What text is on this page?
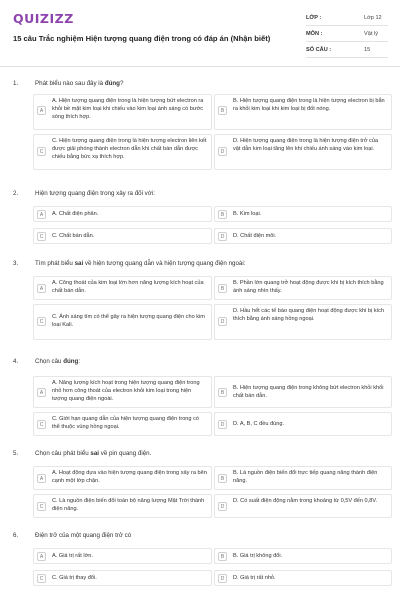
QUIZIZZ
15 câu Trắc nghiệm Hiện tượng quang điện trong có đáp án (Nhận biết)
LỚP :	Lớp 12
MÔN :	Vật lý
SỐ CÂU :	15
1.	Phát biểu nào sau đây là đúng?
A
A. Hiện tượng quang điện trong là hiện tượng bứt electron ra khỏi bề mặt kim loại khi chiếu vào kim loại ánh sáng có bước sóng thích hợp.
B
B. Hiện tượng quang điện trong là hiện tượng electron bị bắn ra khỏi kim loại khi kim loại bị đốt nóng.
C
C. Hiện tượng quang điện trong là hiện tượng electron liên kết được giải phóng thành electron dẫn khi chất bán dẫn được chiếu bằng bức xạ thích hợp.
D
D. Hiện tượng quang điện trong là hiện tượng điện trở của vật dẫn kim loại tăng lên khi chiếu ánh sáng vào kim loại.
2.	Hiện tượng quang điện trong xảy ra đối với:
A	A. Chất điện phân.	B	B. Kim loại.
C	C. Chất bán dẫn.	D	D. Chất điện môi.
3.	Tìm phát biểu sai về hiện tượng quang dẫn và hiện tượng quang điện ngoài:
A
A. Công thoát của kim loại lớn hơn năng lượng kích hoạt của chất bán dẫn.	B
B. Phần lớn quang trở hoạt động được khi bị kích thích bằng ánh sáng nhìn thấy.
C
C. Ánh sáng tím có thể gây ra hiện tượng quang điện cho kim loại Kali.	D
D. Hầu hết các tế bào quang điện hoạt động được khi bị kích thích bằng ánh sáng hồng ngoại.
4.	Chọn câu đúng:
A
A. Năng lượng kích hoạt trong hiện tượng quang điện trong nhỏ hơn công thoát của electron khỏi kim loại trong hiện tượng quang điện ngoài.
B
B. Hiện tượng quang điện trong không bứt electron khỏi khối chất bán dẫn.
C
C. Giới hạn quang dẫn của hiện tượng quang điện trong có thể thuộc vùng hồng ngoại.	D	D. A, B, C đều đúng.
5.	Chọn câu phát biểu sai về pin quang điện.
A
A. Hoạt động dựa vào hiện tượng quang điện trong xảy ra bên cạnh một lớp chặn.	B
B. Là nguồn điện biến đổi trực tiếp quang năng thành điện năng.
C
C. Là nguồn điện biến đổi toàn bộ năng lượng Mặt Trời thành điện năng.	D
D. Có suất điện động nằm trong khoảng từ 0,5V đến 0,8V.
6.	Điện trở của một quang điện trở có
A	A. Giá trị rất lớn.	B	B. Giá trị không đổi.
C	C. Giá trị thay đổi.	D	D. Giá trị rất nhỏ.
